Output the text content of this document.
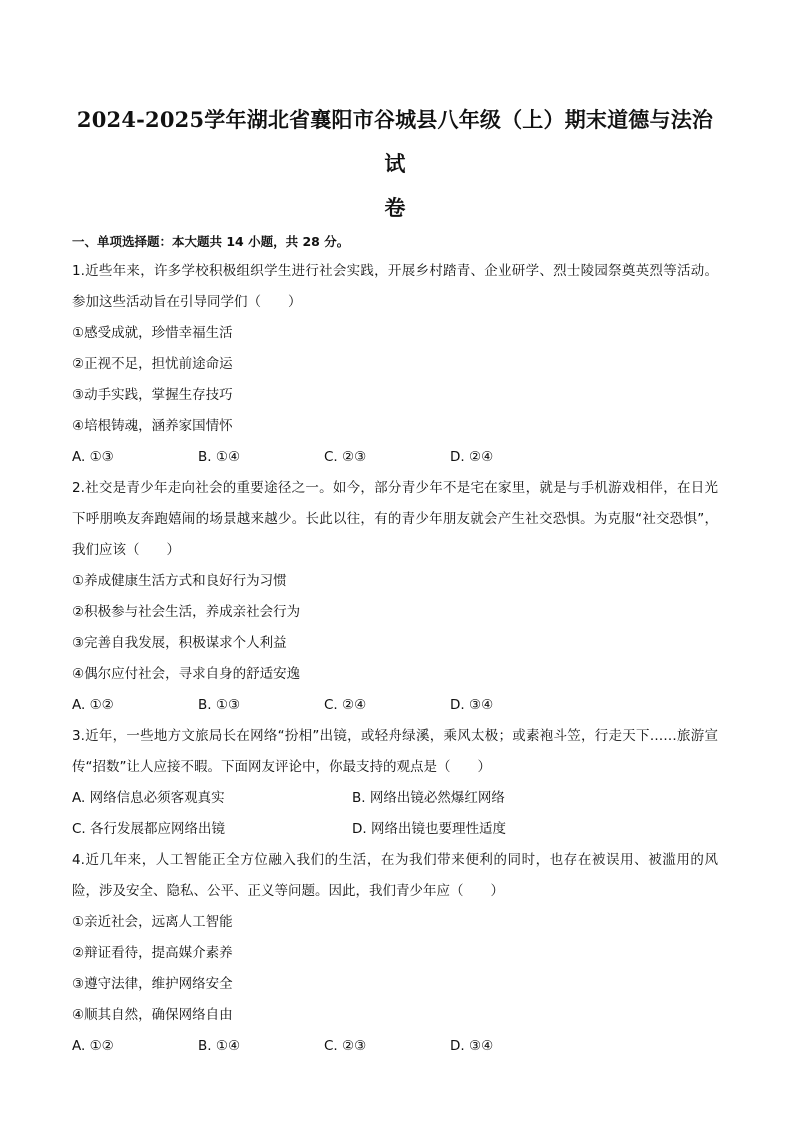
2024-2025学年湖北省襄阳市谷城县八年级（上）期末道德与法治试
卷
一、单项选择题：本大题共 14 小题，共 28 分。

1.近些年来，许多学校积极组织学生进行社会实践，开展乡村踏青、企业研学、烈士陵园祭奠英烈等活动。参加这些活动旨在引导同学们（　　）

①感受成就，珍惜幸福生活
②正视不足，担忧前途命运
③动手实践，掌握生存技巧
④培根铸魂，涵养家国情怀
A. ①③	B. ①④	C. ②③	D. ②④

2.社交是青少年走向社会的重要途径之一。如今，部分青少年不是宅在家里，就是与手机游戏相伴，在日光下呼朋唤友奔跑嬉闹的场景越来越少。长此以往，有的青少年朋友就会产生社交恐惧。为克服“社交恐惧”，我们应该（　　）

①养成健康生活方式和良好行为习惯
②积极参与社会生活，养成亲社会行为
③完善自我发展，积极谋求个人利益
④偶尔应付社会，寻求自身的舒适安逸
A. ①②	B. ①③	C. ②④	D. ③④

3.近年，一些地方文旅局长在网络“扮相”出镜，或轻舟绿溪，乘风太极；或素袍斗笠，行走天下……旅游宣传“招数”让人应接不暇。下面网友评论中，你最支持的观点是（　　）

A. 网络信息必须客观真实	B. 网络出镜必然爆红网络
C. 各行发展都应网络出镜	D. 网络出镜也要理性适度

4.近几年来，人工智能正全方位融入我们的生活，在为我们带来便利的同时，也存在被误用、被滥用的风险，涉及安全、隐私、公平、正义等问题。因此，我们青少年应（　　）

①亲近社会，远离人工智能
②辩证看待，提高媒介素养
③遵守法律，维护网络安全
④顺其自然，确保网络自由
A. ①②	B. ①④	C. ②③	D. ③④
